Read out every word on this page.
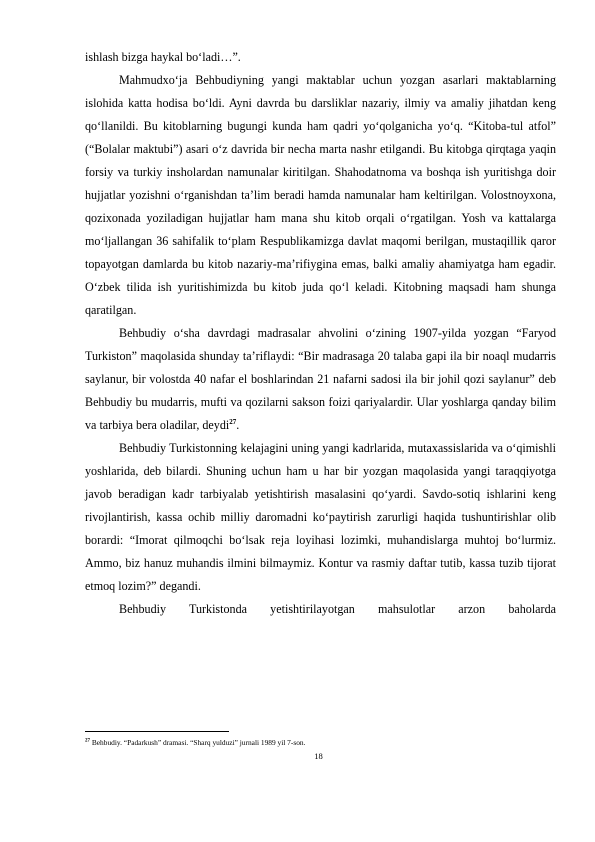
ishlash bizga haykal bo‘ladi…”.

Mahmudxo‘ja Behbudiyning yangi maktablar uchun yozgan asarlari maktablarning islohida katta hodisa bo‘ldi. Ayni davrda bu darsliklar nazariy, ilmiy va amaliy jihatdan keng qo‘llanildi. Bu kitoblarning bugungi kunda ham qadri yo‘qolganicha yo‘q. “Kitoba-tul atfol” (“Bolalar maktubi”) asari o‘z davrida bir necha marta nashr etilgandi. Bu kitobga qirqtaga yaqin forsiy va turkiy insholardan namunalar kiritilgan. Shahodatnoma va boshqa ish yuritishga doir hujjatlar yozishni o‘rganishdan ta’lim beradi hamda namunalar ham keltirilgan. Volostnoyxona, qozixonada yoziladigan hujjatlar ham mana shu kitob orqali o‘rgatilgan. Yosh va kattalarga mo‘ljallangan 36 sahifalik to‘plam Respublikamizga davlat maqomi berilgan, mustaqillik qaror topayotgan damlarda bu kitob nazariy-ma’rifiygina emas, balki amaliy ahamiyatga ham egadir. O‘zbek tilida ish yuritishimizda bu kitob juda qo‘l keladi. Kitobning maqsadi ham shunga qaratilgan.

Behbudiy o‘sha davrdagi madrasalar ahvolini o‘zining 1907-yilda yozgan “Faryod Turkiston” maqolasida shunday ta’riflaydi: “Bir madrasaga 20 talaba gapi ila bir noaql mudarris saylanur, bir volostda 40 nafar el boshlarindan 21 nafarni sadosi ila bir johil qozi saylanur” deb Behbudiy bu mudarris, mufti va qozilarni sakson foizi qariyalardir. Ular yoshlarga qanday bilim va tarbiya bera oladilar, deydi$^{27}$.

Behbudiy Turkistonning kelajagini uning yangi kadrlarida, mutaxassislarida va o‘qimishli yoshlarida, deb bilardi. Shuning uchun ham u har bir yozgan maqolasida yangi taraqqiyotga javob beradigan kadr tarbiyalab yetishtirish masalasini qo‘yardi. Savdo-sotiq ishlarini keng rivojlantirish, kassa ochib milliy daromadni ko‘paytirish zarurligi haqida tushuntirishlar olib borardi: “Imorat qilmoqchi bo‘lsak reja loyihasi lozimki, muhandislarga muhtoj bo‘lurmiz. Ammo, biz hanuz muhandis ilmini bilmaymiz. Kontur va rasmiy daftar tutib, kassa tuzib tijorat etmoq lozim?” degandi.

Behbudiy Turkistonda yetishtirilayotgan mahsulotlar arzon baholarda

$^{27}$ Behbudiy. “Padarkush” dramasi. “Sharq yulduzi” jurnali 1989 yil 7-son.
18
